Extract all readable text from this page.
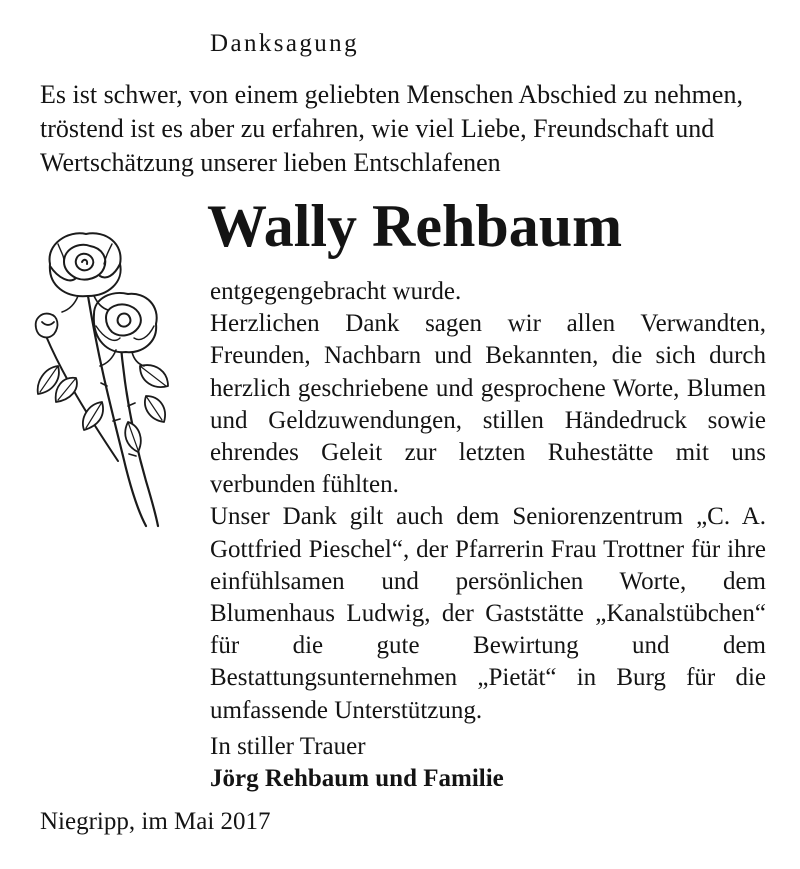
Danksagung
Es ist schwer, von einem geliebten Menschen Abschied zu nehmen,
tröstend ist es aber zu erfahren, wie viel Liebe, Freundschaft und
Wertschätzung unserer lieben Entschlafenen
Wally Rehbaum

entgegengebracht wurde.

Herzlichen Dank sagen wir allen Verwandten, Freunden, Nachbarn und Bekannten, die sich durch herzlich geschriebene und gesprochene Worte, Blumen und Geldzuwendungen, stillen Händedruck sowie ehrendes Geleit zur letzten Ruhestätte mit uns verbunden fühlten.

Unser Dank gilt auch dem Seniorenzentrum „C. A. Gottfried Pieschel“, der Pfarrerin Frau Trottner für ihre einfühlsamen und persönlichen Worte, dem Blumenhaus Ludwig, der Gaststätte „Kanalstübchen“ für die gute Bewirtung und dem Bestattungsunternehmen „Pietät“ in Burg für die umfassende Unterstützung.

In stiller Trauer
Jörg Rehbaum und Familie
Niegripp, im Mai 2017
